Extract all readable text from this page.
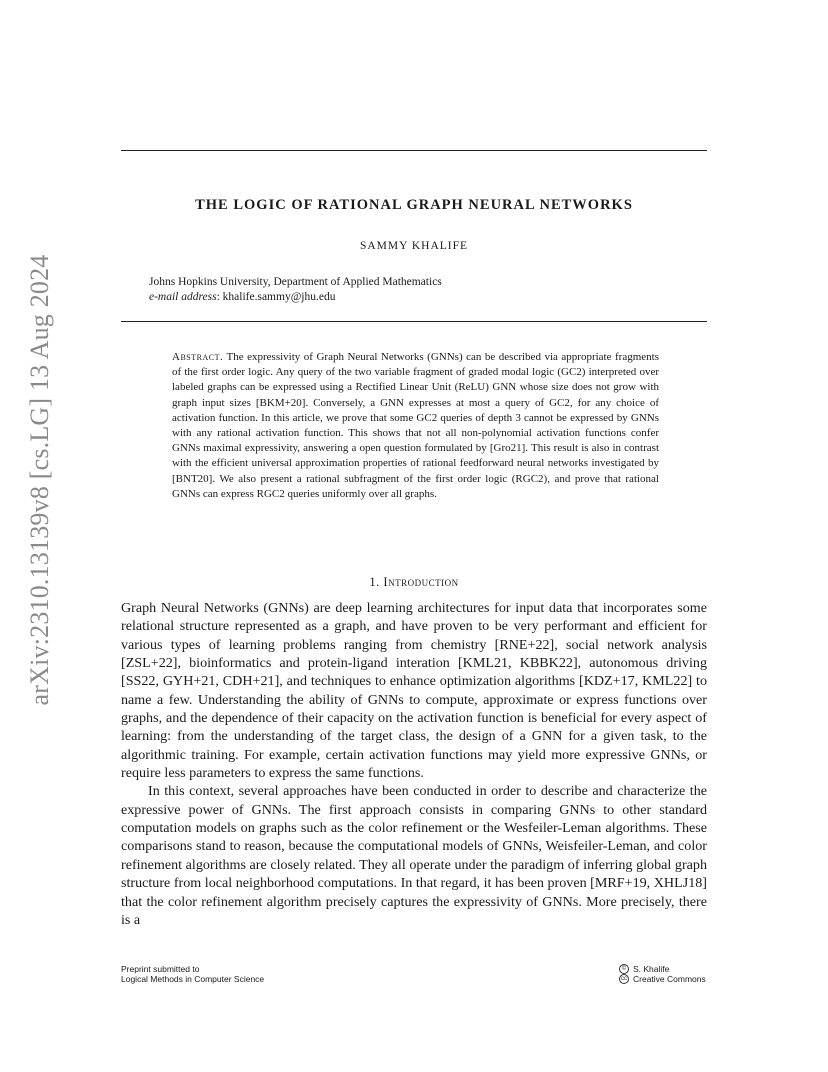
arXiv:2310.13139v8 [cs.LG] 13 Aug 2024
THE LOGIC OF RATIONAL GRAPH NEURAL NETWORKS
SAMMY KHALIFE
Johns Hopkins University, Department of Applied Mathematics
e-mail address: khalife.sammy@jhu.edu
Abstract. The expressivity of Graph Neural Networks (GNNs) can be described via appropriate fragments of the first order logic. Any query of the two variable fragment of graded modal logic (GC2) interpreted over labeled graphs can be expressed using a Rectified Linear Unit (ReLU) GNN whose size does not grow with graph input sizes [BKM+20]. Conversely, a GNN expresses at most a query of GC2, for any choice of activation function. In this article, we prove that some GC2 queries of depth 3 cannot be expressed by GNNs with any rational activation function. This shows that not all non-polynomial activation functions confer GNNs maximal expressivity, answering a open question formulated by [Gro21]. This result is also in contrast with the efficient universal approximation properties of rational feedforward neural networks investigated by [BNT20]. We also present a rational subfragment of the first order logic (RGC2), and prove that rational GNNs can express RGC2 queries uniformly over all graphs.
1. Introduction

Graph Neural Networks (GNNs) are deep learning architectures for input data that incorporates some relational structure represented as a graph, and have proven to be very performant and efficient for various types of learning problems ranging from chemistry [RNE+22], social network analysis [ZSL+22], bioinformatics and protein-ligand interation [KML21, KBBK22], autonomous driving [SS22, GYH+21, CDH+21], and techniques to enhance optimization algorithms [KDZ+17, KML22] to name a few. Understanding the ability of GNNs to compute, approximate or express functions over graphs, and the dependence of their capacity on the activation function is beneficial for every aspect of learning: from the understanding of the target class, the design of a GNN for a given task, to the algorithmic training. For example, certain activation functions may yield more expressive GNNs, or require less parameters to express the same functions.

In this context, several approaches have been conducted in order to describe and characterize the expressive power of GNNs. The first approach consists in comparing GNNs to other standard computation models on graphs such as the color refinement or the Wesfeiler-Leman algorithms. These comparisons stand to reason, because the computational models of GNNs, Weisfeiler-Leman, and color refinement algorithms are closely related. They all operate under the paradigm of inferring global graph structure from local neighborhood computations. In that regard, it has been proven [MRF+19, XHLJ18] that the color refinement algorithm precisely captures the expressivity of GNNs. More precisely, there is a

Preprint submitted to
Logical Methods in Computer Science
© S. Khalife
cc Creative Commons
